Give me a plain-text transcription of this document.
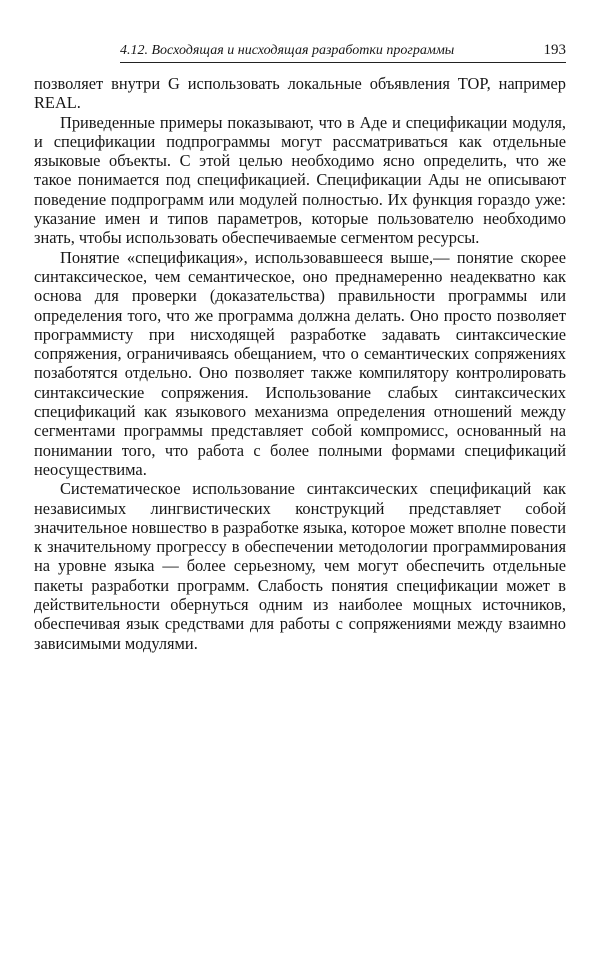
4.12. Восходящая и нисходящая разработки программы	193

позволяет внутри G использовать локальные объявления TOP, например REAL.

Приведенные примеры показывают, что в Аде и спецификации модуля, и спецификации подпрограммы могут рассматриваться как отдельные языковые объекты. С этой целью необходимо ясно определить, что же такое понимается под спецификацией. Спецификации Ады не описывают поведение подпрограмм или модулей полностью. Их функция гораздо уже: указание имен и типов параметров, которые пользователю необходимо знать, чтобы использовать обеспечиваемые сегментом ресурсы.

Понятие «спецификация», использовавшееся выше,— понятие скорее синтаксическое, чем семантическое, оно преднамеренно неадекватно как основа для проверки (доказательства) правильности программы или определения того, что же программа должна делать. Оно просто позволяет программисту при нисходящей разработке задавать синтаксические сопряжения, ограничиваясь обещанием, что о семантических сопряжениях позаботятся отдельно. Оно позволяет также компилятору контролировать синтаксические сопряжения. Использование слабых синтаксических спецификаций как языкового механизма определения отношений между сегментами программы представляет собой компромисс, основанный на понимании того, что работа с более полными формами спецификаций неосуществима.

Систематическое использование синтаксических спецификаций как независимых лингвистических конструкций представляет собой значительное новшество в разработке языка, которое может вполне повести к значительному прогрессу в обеспечении методологии программирования на уровне языка — более серьезному, чем могут обеспечить отдельные пакеты разработки программ. Слабость понятия спецификации может в действительности обернуться одним из наиболее мощных источников, обеспечивая язык средствами для работы с сопряжениями между взаимно зависимыми модулями.
